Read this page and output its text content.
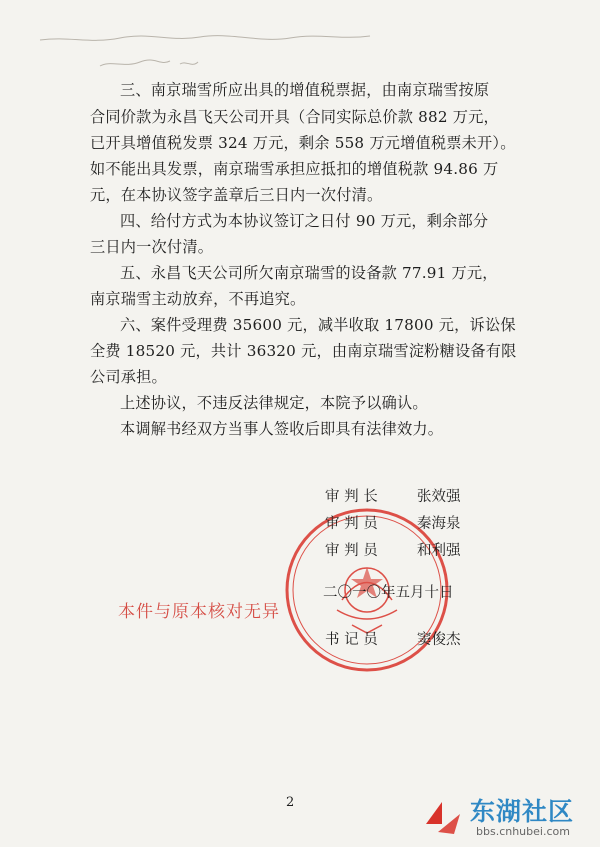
三、南京瑞雪所应出具的增值税票据，由南京瑞雪按原
合同价款为永昌飞天公司开具（合同实际总价款 882 万元，
已开具增值税发票 324 万元，剩余 558 万元增值税票未开）。
如不能出具发票，南京瑞雪承担应抵扣的增值税款 94.86 万
元，在本协议签字盖章后三日内一次付清。
四、给付方式为本协议签订之日付 90 万元，剩余部分
三日内一次付清。
五、永昌飞天公司所欠南京瑞雪的设备款 77.91 万元，
南京瑞雪主动放弃，不再追究。
六、案件受理费 35600 元，减半收取 17800 元，诉讼保
全费 18520 元，共计 36320 元，由南京瑞雪淀粉糖设备有限
公司承担。
上述协议，不违反法律规定，本院予以确认。
本调解书经双方当事人签收后即具有法律效力。
审 判 长	张效强
审 判 员	秦海泉
审 判 员	和利强
二〇一〇年五月十日
本件与原本核对无异
书 记 员	窦俊杰
2	东湖社区
bbs.cnhubei.com
